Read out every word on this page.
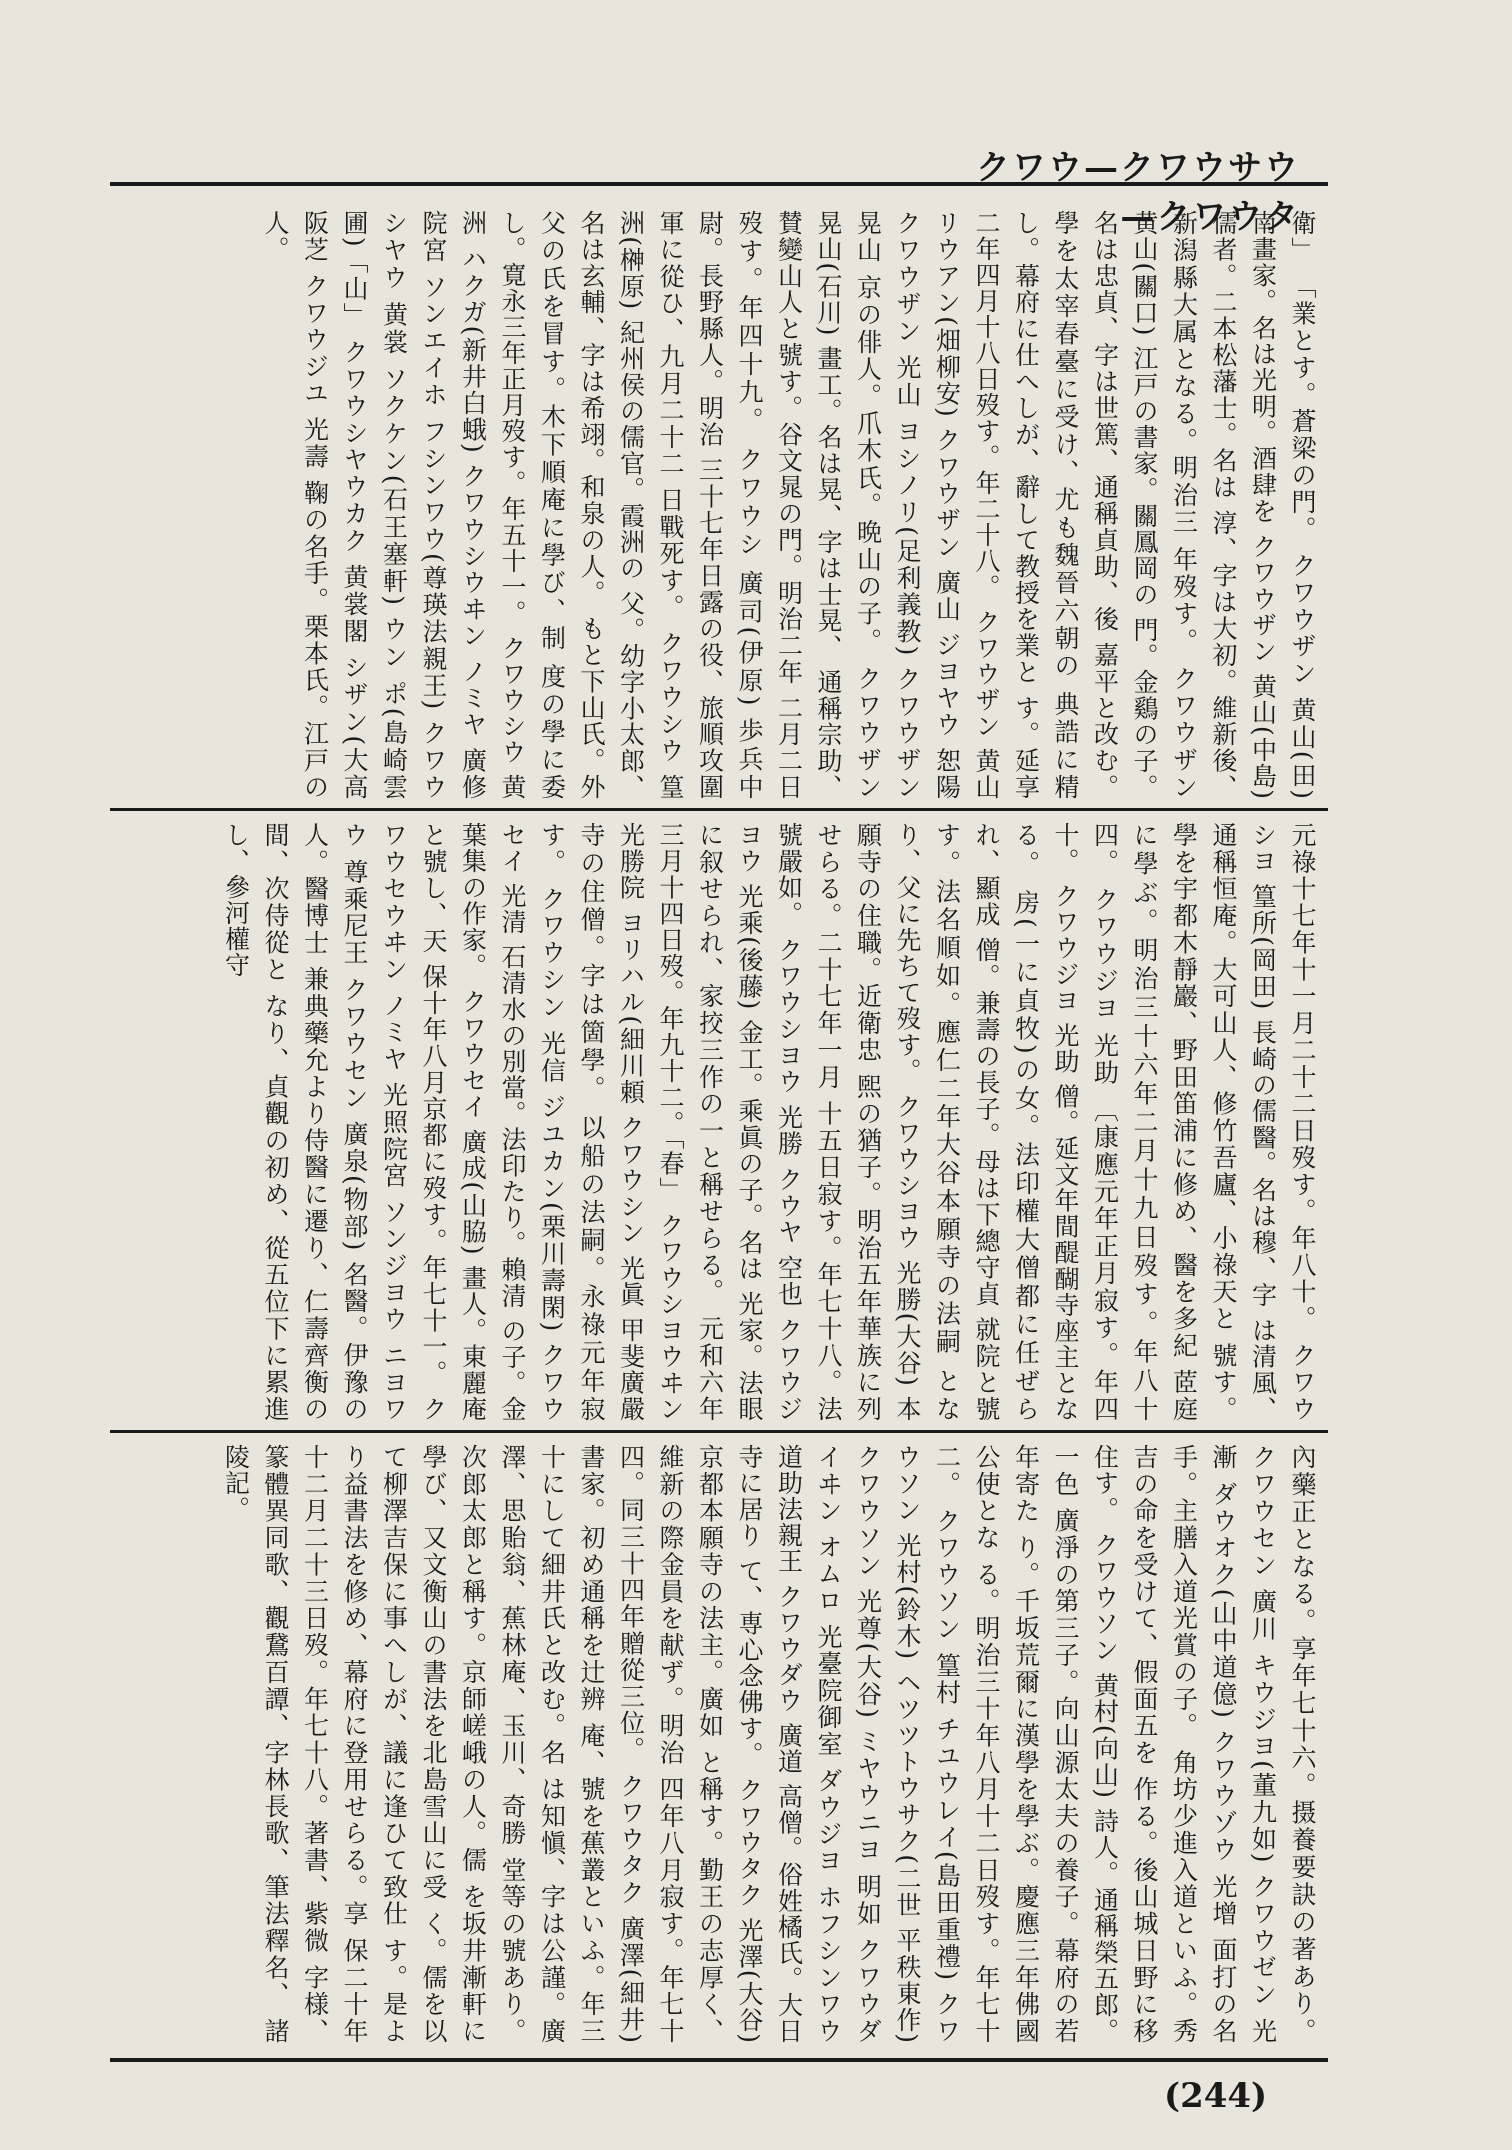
クワウ—クワウサウ—クワウタ
衛」 「業とす。蒼梁の門。 クワウザン 黄山(田) 南畫家。名は光明。酒肆を クワウザン 黄山(中島) 儒者。二本松藩士。名は 淳、字は大初。維新後、新潟縣大属となる。明治三 年歿す。 クワウザン 黄山(關口) 江戸の書家。關鳳岡の 門。金鷄の子。名は忠貞、字は世篤、通稱貞助、後 嘉平と改む。學を太宰春臺に受け、尤も魏晉六朝の 典誥に精し。幕府に仕へしが、辭して教授を業と す。延享二年四月十八日歿す。年二十八。 クワウザン 黄山 リウアン(畑柳安) クワウザン 廣山 ジヨヤウ 恕陽 クワウザン 光山 ヨシノリ(足利義教) クワウザン 晃山 京の俳人。爪木氏。晩山の子。 クワウザン 晃山(石川) 畫工。名は晃、字は士晃、 通稱宗助、賛變山人と號す。谷文晁の門。明治二年 二月二日歿す。年四十九。 クワウシ 廣司(伊原) 歩兵中尉。長野縣人。明治 三十七年日露の役、旅順攻圍軍に從ひ、九月二十二 日戰死す。 クワウシウ 篁洲(榊原) 紀州侯の儒官。霞洲の 父。幼字小太郎、名は玄輔、字は希翊。和泉の人。 もと下山氏。外父の氏を冒す。木下順庵に學び、制 度の學に委し。寛永三年正月歿す。年五十一。 クワウシウ 黄洲 ハクガ(新井白蛾) クワウシウヰン ノミヤ 廣修院宮 ソンエイホ フシンワウ(尊瑛法親王) クワウシヤウ 黄裳 ソクケン(石王塞軒) ウン ポ(島崎雲圃)「山」 クワウシヤウカク 黄裳閣 シザン(大高阪芝 クワウジユ 光壽 鞠の名手。栗本氏。江戸の人。
元祿十七年十一月二十二日歿す。年八十。 クワウシヨ 篁所(岡田) 長崎の儒醫。名は穆、字 は清風、通稱恒庵。大可山人、修竹吾廬、小祿天と 號す。學を宇都木靜巖、野田笛浦に修め、醫を多紀 茝庭に學ぶ。明治三十六年二月十九日歿す。年八十 四。 クワウジヨ 光助 〔康應元年正月寂す。年四十。 クワウジヨ 光助 僧。延文年間醍醐寺座主となる。 房(一に貞牧)の女。法印權大僧都に任ぜられ、顯成 僧。兼壽の長子。母は下總守貞 就院と號す。法名順如。應仁二年大谷本願寺の法嗣 となり、父に先ちて歿す。 クワウシヨウ 光勝(大谷) 本願寺の住職。近衛忠 煕の猶子。明治五年華族に列せらる。二十七年一月 十五日寂す。年七十八。法號嚴如。 クワウシヨウ 光勝 クウヤ 空也 クワウジヨウ 光乘(後藤) 金工。乘眞の子。名は 光家。法眼に叙せられ、家挍三作の一と稱せらる。 元和六年三月十四日歿。年九十二。「春」 クワウシヨウヰン 光勝院 ヨリハル(細川頼 クワウシン 光眞 甲斐廣嚴寺の住僧。字は箇學。 以船の法嗣。永祿元年寂す。 クワウシン 光信 ジユカン(栗川壽閑) クワウセイ 光清 石清水の別當。法印たり。賴清 の子。金葉集の作家。 クワウセイ 廣成(山脇) 畫人。東麗庵と號し、天 保十年八月京都に歿す。年七十一。 クワウセウヰン ノミヤ 光照院宮 ソンジヨウ ニヨワウ 尊乘尼王 クワウセン 廣泉(物部) 名醫。伊豫の人。醫博士 兼典藥允より侍醫に遷り、仁壽齊衡の間、次侍從と なり、貞觀の初め、從五位下に累進し、參河權守
內藥正となる。享年七十六。摄養要訣の著あり。 クワウセン 廣川 キウジヨ(董九如) クワウゼン 光漸 ダウオク(山中道億) クワウゾウ 光增 面打の名手。主膳入道光賞の子。 角坊少進入道といふ。秀吉の命を受けて、假面五を 作る。後山城日野に移住す。 クワウソン 黄村(向山) 詩人。通稱榮五郎。一色 廣淨の第三子。向山源太夫の養子。幕府の若年寄た り。千坂荒爾に漢學を學ぶ。慶應三年佛國公使とな る。明治三十年八月十二日歿す。年七十二。 クワウソン 篁村 チユウレイ(島田重禮) クワウソン 光村(鈴木) ヘツツトウサク(二世 平秩東作) クワウソン 光尊(大谷) ミヤウニヨ 明如 クワウダイヰン オムロ 光臺院御室 ダウジヨ ホフシンワウ 道助法親王 クワウダウ 廣道 高僧。俗姓橘氏。大日寺に居り て、専心念佛す。 クワウタク 光澤(大谷) 京都本願寺の法主。廣如 と稱す。勤王の志厚く、維新の際金員を献ず。明治 四年八月寂す。年七十四。同三十四年贈從三位。 クワウタク 廣澤(細井) 書家。初め通稱を辻辨 庵、號を蕉叢といふ。年三十にして細井氏と改む。名 は知愼、字は公謹。廣澤、思貽翁、蕉林庵、玉川、奇勝 堂等の號あり。次郎太郎と稱す。京師嵯峨の人。儒 を坂井漸軒に學び、又文衡山の書法を北島雪山に受 く。儒を以て柳澤吉保に事へしが、議に逢ひて致仕 す。是より益書法を修め、幕府に登用せらる。享 保二十年十二月二十三日歿。年七十八。著書、紫微 字様、篆體異同歌、觀鵞百譚、字林長歌、筆法釋名、 諸陵記。
(244)
